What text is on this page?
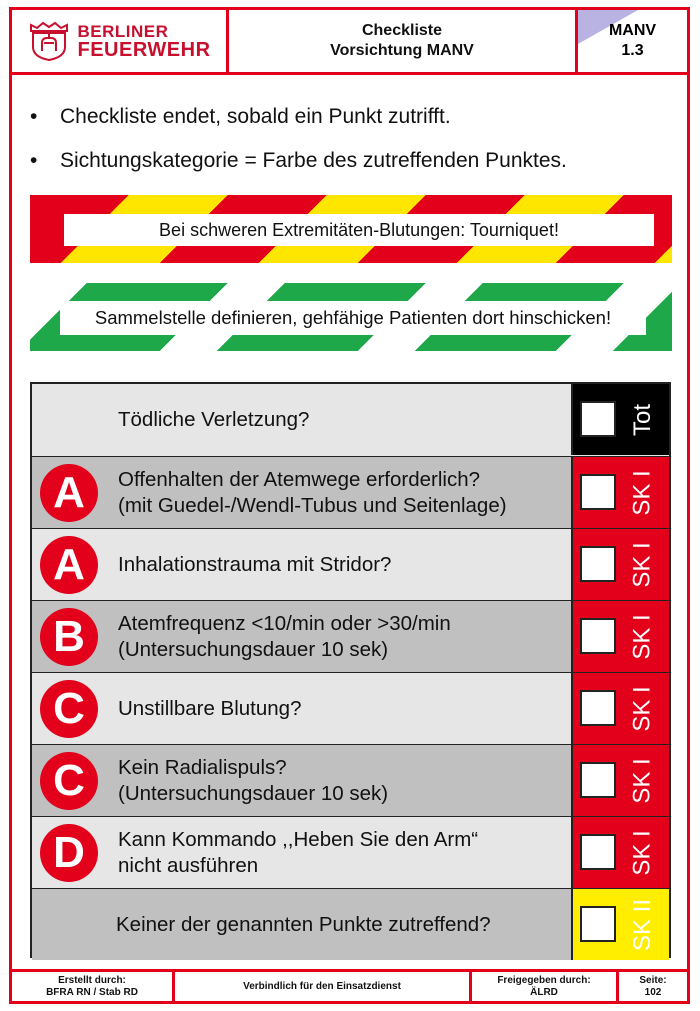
BERLINER
FEUERWEHR
Checkliste
Vorsichtung MANV
MANV
1.3
• Checkliste endet, sobald ein Punkt zutrifft.
• Sichtungskategorie = Farbe des zutreffenden Punktes.
Bei schweren Extremitäten-Blutungen: Tourniquet!
Sammelstelle definieren, gehfähige Patienten dort hinschicken!
Tödliche Verletzung?	Tot
A	Offenhalten der Atemwege erforderlich?
(mit Guedel-/Wendl-Tubus und Seitenlage)	SK I
A	Inhalationstrauma mit Stridor?	SK I
B	Atemfrequenz <10/min oder >30/min
(Untersuchungsdauer 10 sek)	SK I
C	Unstillbare Blutung?	SK I
C	Kein Radialispuls?
(Untersuchungsdauer 10 sek)	SK I
D	Kann Kommando ,,Heben Sie den Arm“
nicht ausführen	SK I
Keiner der genannten Punkte zutreffend?	SK II
Erstellt durch:
BFRA RN / Stab RD
Verbindlich für den Einsatzdienst
Freigegeben durch:
ÄLRD
Seite:
102
